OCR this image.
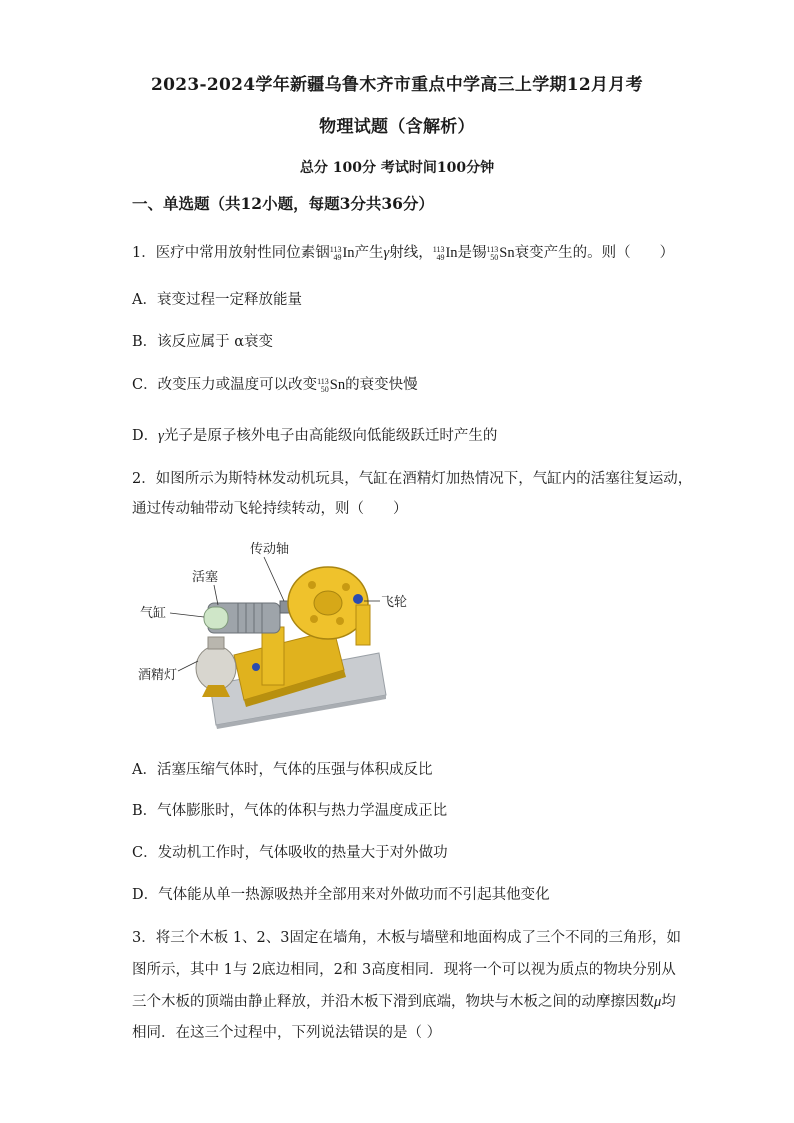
2023-2024学年新疆乌鲁木齐市重点中学高三上学期12月月考
物理试题（含解析）
总分 100分 考试时间100分钟
一、单选题（共12小题，每题3分共36分）
1．医疗中常用放射性同位素铟 113
49 In产生γ射线， 113
49 In是锡 113
50 Sn衰变产生的。则（　　）
A．衰变过程一定释放能量
B．该反应属于 α衰变
C．改变压力或温度可以改变 113
50 Sn的衰变快慢
D．γ光子是原子核外电子由高能级向低能级跃迁时产生的
2．如图所示为斯特林发动机玩具，气缸在酒精灯加热情况下，气缸内的活塞往复运动，
通过传动轴带动飞轮持续转动，则（　　）
传动轴
活塞
飞轮
气缸
酒精灯
A．活塞压缩气体时，气体的压强与体积成反比
B．气体膨胀时，气体的体积与热力学温度成正比
C．发动机工作时，气体吸收的热量大于对外做功
D．气体能从单一热源吸热并全部用来对外做功而不引起其他变化
3．将三个木板 1、2、3固定在墙角，木板与墙壁和地面构成了三个不同的三角形，如
图所示，其中 1与 2底边相同，2和 3高度相同．现将一个可以视为质点的物块分别从
三个木板的顶端由静止释放，并沿木板下滑到底端，物块与木板之间的动摩擦因数μ均
相同．在这三个过程中，下列说法错误的是（ ）
